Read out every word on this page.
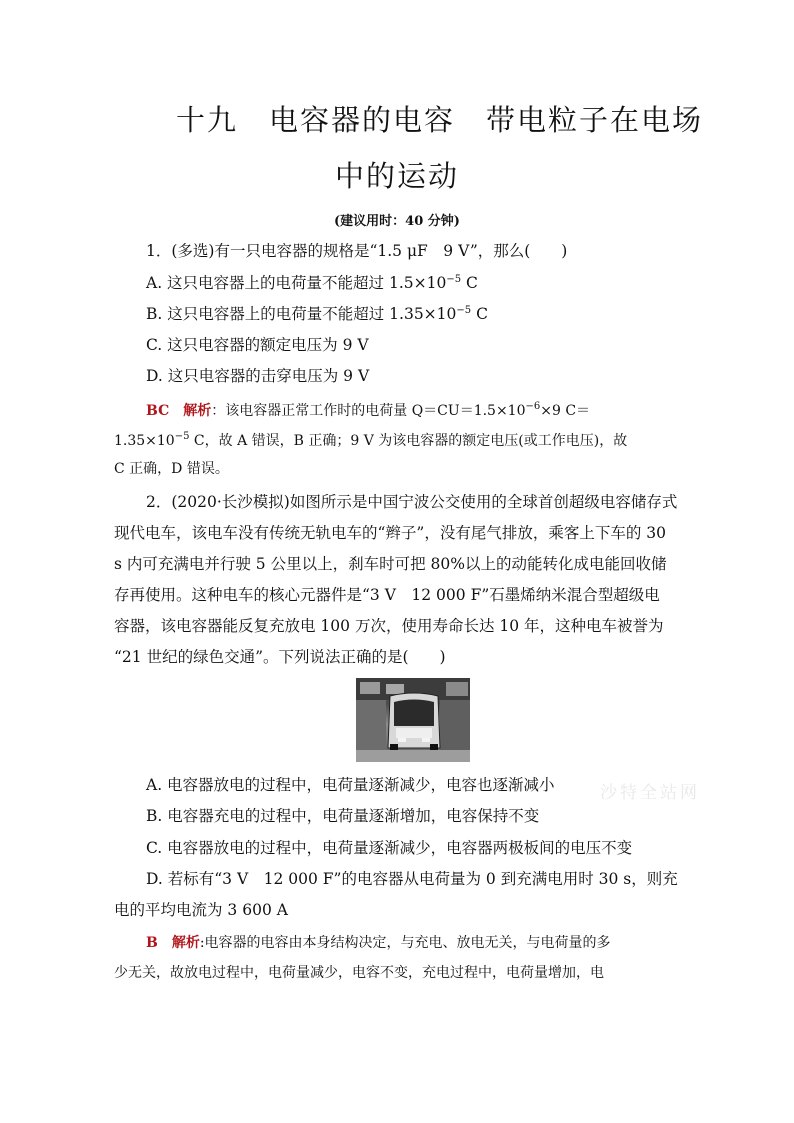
十九　电容器的电容　带电粒子在电场
中的运动
(建议用时：40 分钟)
1．(多选)有一只电容器的规格是“1.5 μF　9 V”，那么(　　)
A. 这只电容器上的电荷量不能超过 $1.5\times 10^{-5}$ C
B. 这只电容器上的电荷量不能超过 $1.35\times 10^{-5}$ C
C. 这只电容器的额定电压为 9 V
D. 这只电容器的击穿电压为 9 V
BC　 解析：该电容器正常工作时的电荷量 $Q=CU=1.5\times 10^{-6}\times 9$ C＝
$1.35\times 10^{-5}$ C，故 A 错误，B 正确；9 V 为该电容器的额定电压(或工作电压)，故
C 正确，D 错误。
2．(2020·长沙模拟)如图所示是中国宁波公交使用的全球首创超级电容储存式
现代电车，该电车没有传统无轨电车的“辫子”，没有尾气排放，乘客上下车的 30
s 内可充满电并行驶 5 公里以上，刹车时可把 80%以上的动能转化成电能回收储
存再使用。这种电车的核心元器件是“3 V　12 000 F”石墨烯纳米混合型超级电
容器，该电容器能反复充放电 100 万次，使用寿命长达 10 年，这种电车被誉为
“21 世纪的绿色交通”。下列说法正确的是(　　)
沙特全站网
A. 电容器放电的过程中，电荷量逐渐减少，电容也逐渐减小
B. 电容器充电的过程中，电荷量逐渐增加，电容保持不变
C. 电容器放电的过程中，电荷量逐渐减少，电容器两极板间的电压不变
D. 若标有“3 V　12 000 F”的电容器从电荷量为 0 到充满电用时 30 s，则充
电的平均电流为 3 600 A
B　 解析:电容器的电容由本身结构决定，与充电、放电无关，与电荷量的多
少无关，故放电过程中，电荷量减少，电容不变，充电过程中，电荷量增加，电
